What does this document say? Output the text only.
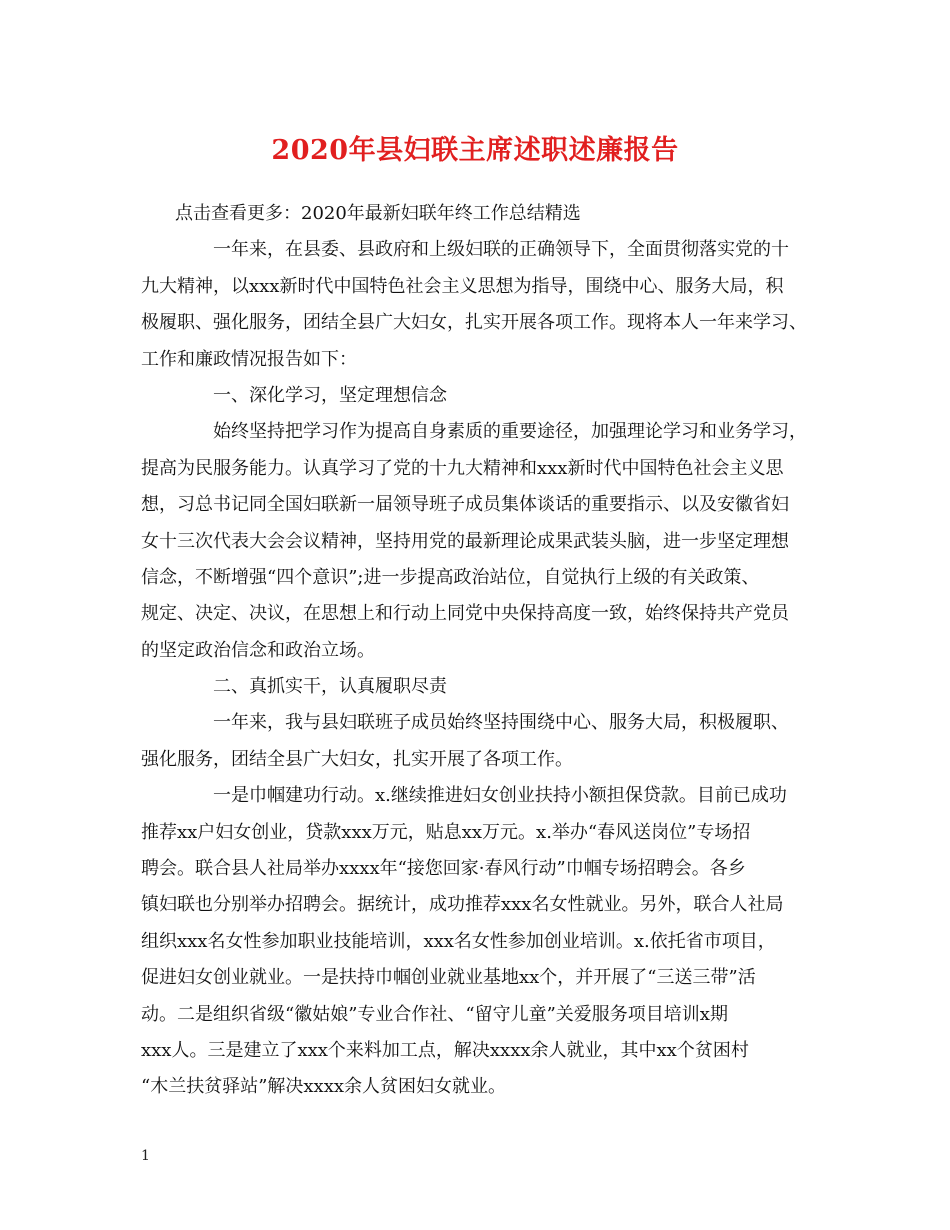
2020年县妇联主席述职述廉报告
点击查看更多：2020年最新妇联年终工作总结精选
一年来，在县委、县政府和上级妇联的正确领导下，全面贯彻落实党的十
九大精神，以xxx新时代中国特色社会主义思想为指导，围绕中心、服务大局，积
极履职、强化服务，团结全县广大妇女，扎实开展各项工作。现将本人一年来学习、
工作和廉政情况报告如下：
一、深化学习，坚定理想信念
始终坚持把学习作为提高自身素质的重要途径，加强理论学习和业务学习，
提高为民服务能力。认真学习了党的十九大精神和xxx新时代中国特色社会主义思
想，习总书记同全国妇联新一届领导班子成员集体谈话的重要指示、以及安徽省妇
女十三次代表大会会议精神，坚持用党的最新理论成果武装头脑，进一步坚定理想
信念，不断增强“四个意识”;进一步提高政治站位，自觉执行上级的有关政策、
规定、决定、决议，在思想上和行动上同党中央保持高度一致，始终保持共产党员
的坚定政治信念和政治立场。
二、真抓实干，认真履职尽责
一年来，我与县妇联班子成员始终坚持围绕中心、服务大局，积极履职、
强化服务，团结全县广大妇女，扎实开展了各项工作。
一是巾帼建功行动。x.继续推进妇女创业扶持小额担保贷款。目前已成功
推荐xx户妇女创业，贷款xxx万元，贴息xx万元。x.举办“春风送岗位”专场招
聘会。联合县人社局举办xxxx年“接您回家·春风行动”巾帼专场招聘会。各乡
镇妇联也分别举办招聘会。据统计，成功推荐xxx名女性就业。另外，联合人社局
组织xxx名女性参加职业技能培训，xxx名女性参加创业培训。x.依托省市项目，
促进妇女创业就业。一是扶持巾帼创业就业基地xx个，并开展了“三送三带”活
动。二是组织省级“徽姑娘”专业合作社、“留守儿童”关爱服务项目培训x期
xxx人。三是建立了xxx个来料加工点，解决xxxx余人就业，其中xx个贫困村
“木兰扶贫驿站”解决xxxx余人贫困妇女就业。
1
